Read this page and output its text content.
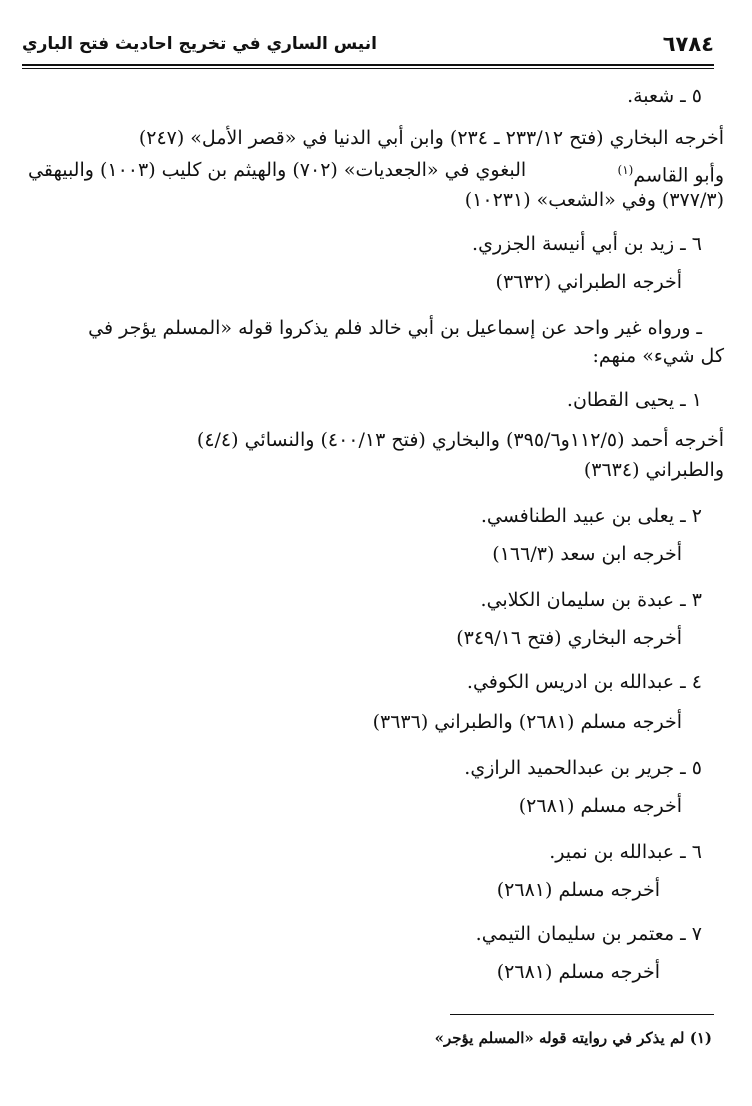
٦٧٨٤
انيس الساري في تخريج احاديث فتح الباري
٥ ـ شعبة.
أخرجه البخاري (فتح ٢٣٣/١٢ ـ ٢٣٤) وابن أبي الدنيا في «قصر الأمل» (٢٤٧)
وأبو القاسم$^{(١)}$
البغوي في «الجعديات» (٧٠٢) والهيثم بن كليب (١٠٠٣) والبيهقي
(٣٧٧/٣) وفي «الشعب» (١٠٢٣١)
٦ ـ زيد بن أبي أنيسة الجزري.
أخرجه الطبراني (٣٦٣٢)
ـ ورواه غير واحد عن إسماعيل بن أبي خالد فلم يذكروا قوله «المسلم يؤجر في
كل شيء» منهم:
١ ـ يحيى القطان.
أخرجه أحمد (١١٢/٥و٣٩٥/٦) والبخاري (فتح ٤٠٠/١٣) والنسائي (٤/٤)
والطبراني (٣٦٣٤)
٢ ـ يعلى بن عبيد الطنافسي.
أخرجه ابن سعد (١٦٦/٣)
٣ ـ عبدة بن سليمان الكلابي.
أخرجه البخاري (فتح ٣٤٩/١٦)
٤ ـ عبدالله بن ادريس الكوفي.
أخرجه مسلم (٢٦٨١) والطبراني (٣٦٣٦)
٥ ـ جرير بن عبدالحميد الرازي.
أخرجه مسلم (٢٦٨١)
٦ ـ عبدالله بن نمير.
أخرجه مسلم (٢٦٨١)
٧ ـ معتمر بن سليمان التيمي.
أخرجه مسلم (٢٦٨١)
(١) لم يذكر في روايته قوله «المسلم يؤجر»
